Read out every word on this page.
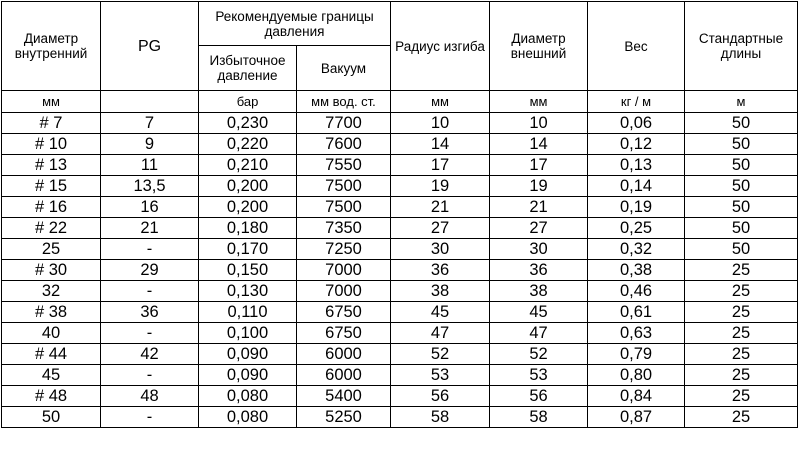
Диаметр внутренний	PG	Рекомендуемые границы давления		Радиус изгиба	Диаметр внешний	Вес	Стандартные длины
		Избыточное давление	Вакуум				
мм		бар	мм вод. ст.	мм	мм	кг / м	м
# 7	7	0,230	7700	10	10	0,06	50
# 10	9	0,220	7600	14	14	0,12	50
# 13	11	0,210	7550	17	17	0,13	50
# 15	13,5	0,200	7500	19	19	0,14	50
# 16	16	0,200	7500	21	21	0,19	50
# 22	21	0,180	7350	27	27	0,25	50
25	-	0,170	7250	30	30	0,32	50
# 30	29	0,150	7000	36	36	0,38	25
32	-	0,130	7000	38	38	0,46	25
# 38	36	0,110	6750	45	45	0,61	25
40	-	0,100	6750	47	47	0,63	25
# 44	42	0,090	6000	52	52	0,79	25
45	-	0,090	6000	53	53	0,80	25
# 48	48	0,080	5400	56	56	0,84	25
50	-	0,080	5250	58	58	0,87	25
